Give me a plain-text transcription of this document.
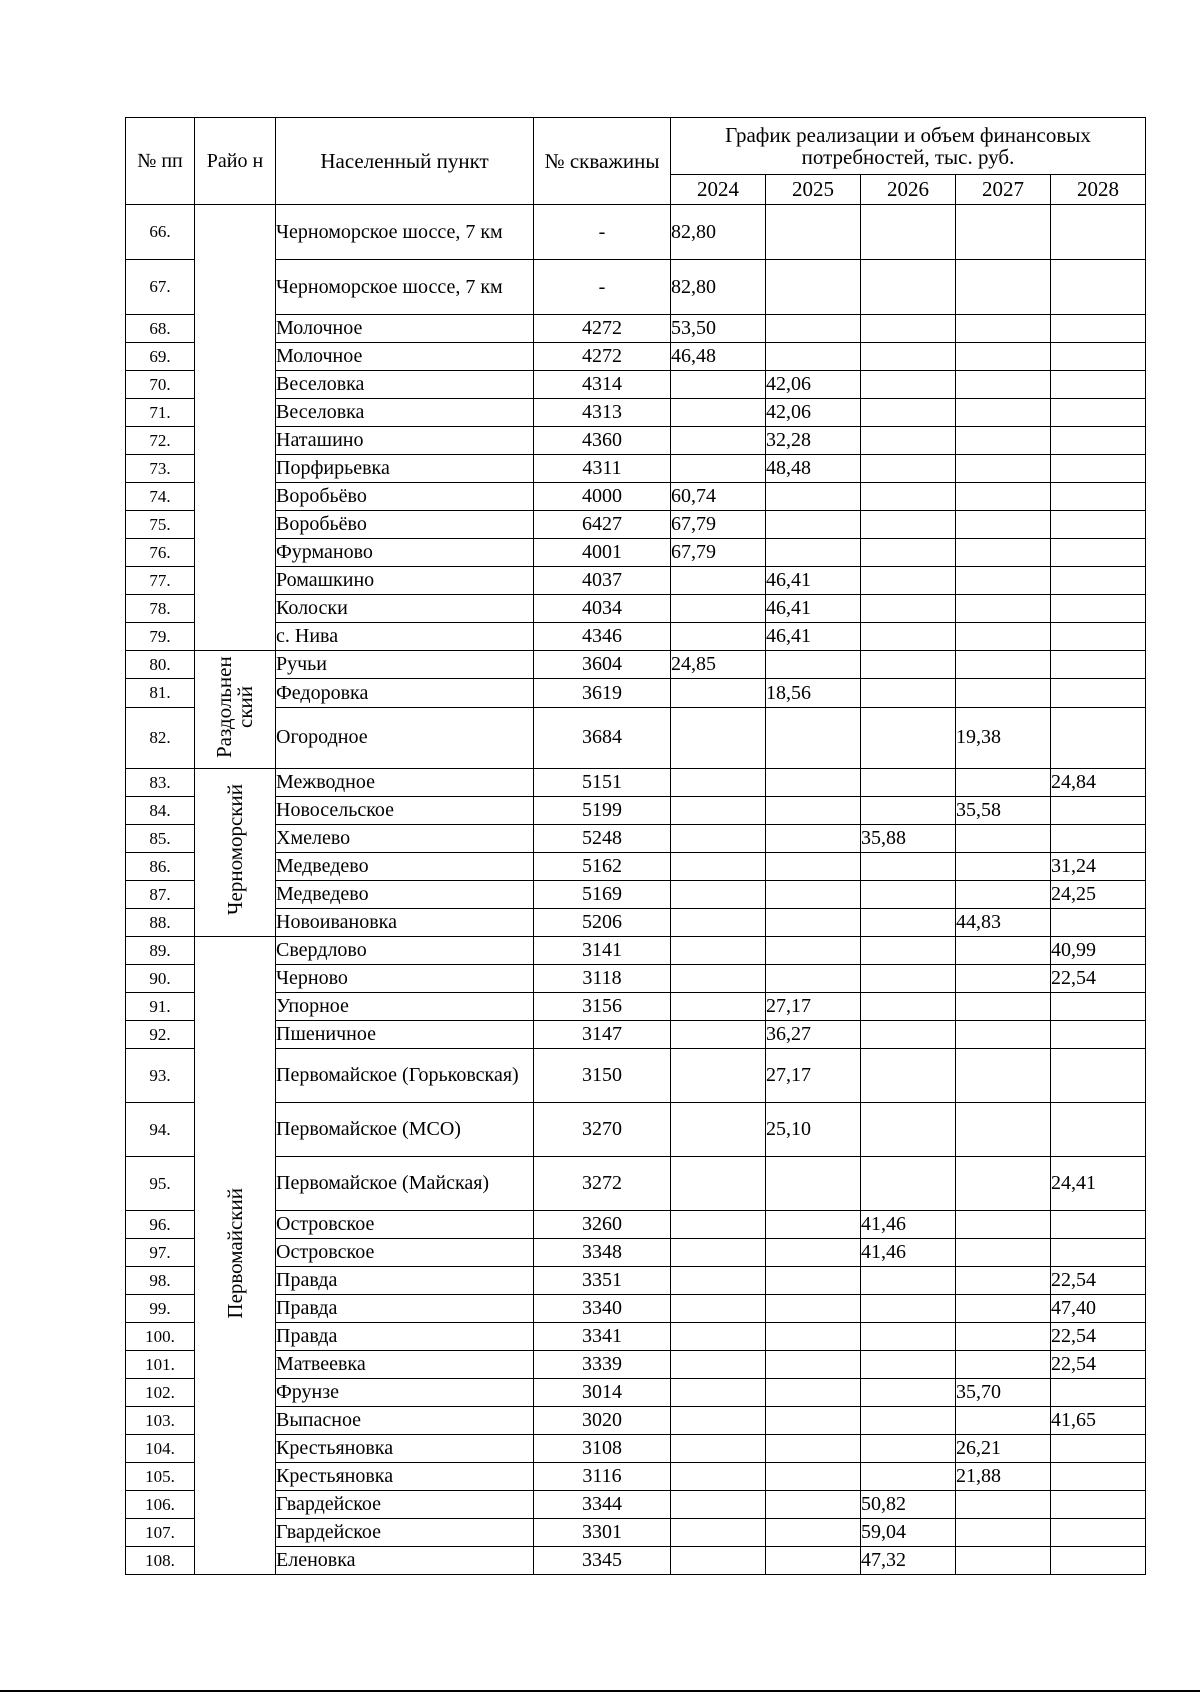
№ пп	Райо н	Населенный пункт	№ скважины	График реализации и объем финансовых потребностей, тыс. руб.				
				2024	2025	2026	2027	2028
66.		Черноморское шоссе, 7 км	-	82,80				
67.		Черноморское шоссе, 7 км	-	82,80				
68.		Молочное	4272	53,50				
69.		Молочное	4272	46,48				
70.		Веселовка	4314		42,06			
71.		Веселовка	4313		42,06			
72.		Наташино	4360		32,28			
73.		Порфирьевка	4311		48,48			
74.		Воробьёво	4000	60,74				
75.		Воробьёво	6427	67,79				
76.		Фурманово	4001	67,79				
77.		Ромашкино	4037		46,41			
78.		Колоски	4034		46,41			
79.		с. Нива	4346		46,41			
80.	Раздольнен ский	Ручьи	3604	24,85				
81.		Федоровка	3619		18,56			
82.		Огородное	3684				19,38	
83.	Черноморский	Межводное	5151					24,84
84.		Новосельское	5199				35,58	
85.		Хмелево	5248			35,88		
86.		Медведево	5162					31,24
87.		Медведево	5169					24,25
88.		Новоивановка	5206				44,83	
89.	Первомайский	Свердлово	3141					40,99
90.		Черново	3118					22,54
91.		Упорное	3156		27,17			
92.		Пшеничное	3147		36,27			
93.		Первомайское (Горьковская)	3150		27,17			
94.		Первомайское (МСО)	3270		25,10			
95.		Первомайское (Майская)	3272					24,41
96.		Островское	3260			41,46		
97.		Островское	3348			41,46		
98.		Правда	3351					22,54
99.		Правда	3340					47,40
100.		Правда	3341					22,54
101.		Матвеевка	3339					22,54
102.		Фрунзе	3014				35,70	
103.		Выпасное	3020					41,65
104.		Крестьяновка	3108				26,21	
105.		Крестьяновка	3116				21,88	
106.		Гвардейское	3344			50,82		
107.		Гвардейское	3301			59,04		
108.		Еленовка	3345			47,32		
